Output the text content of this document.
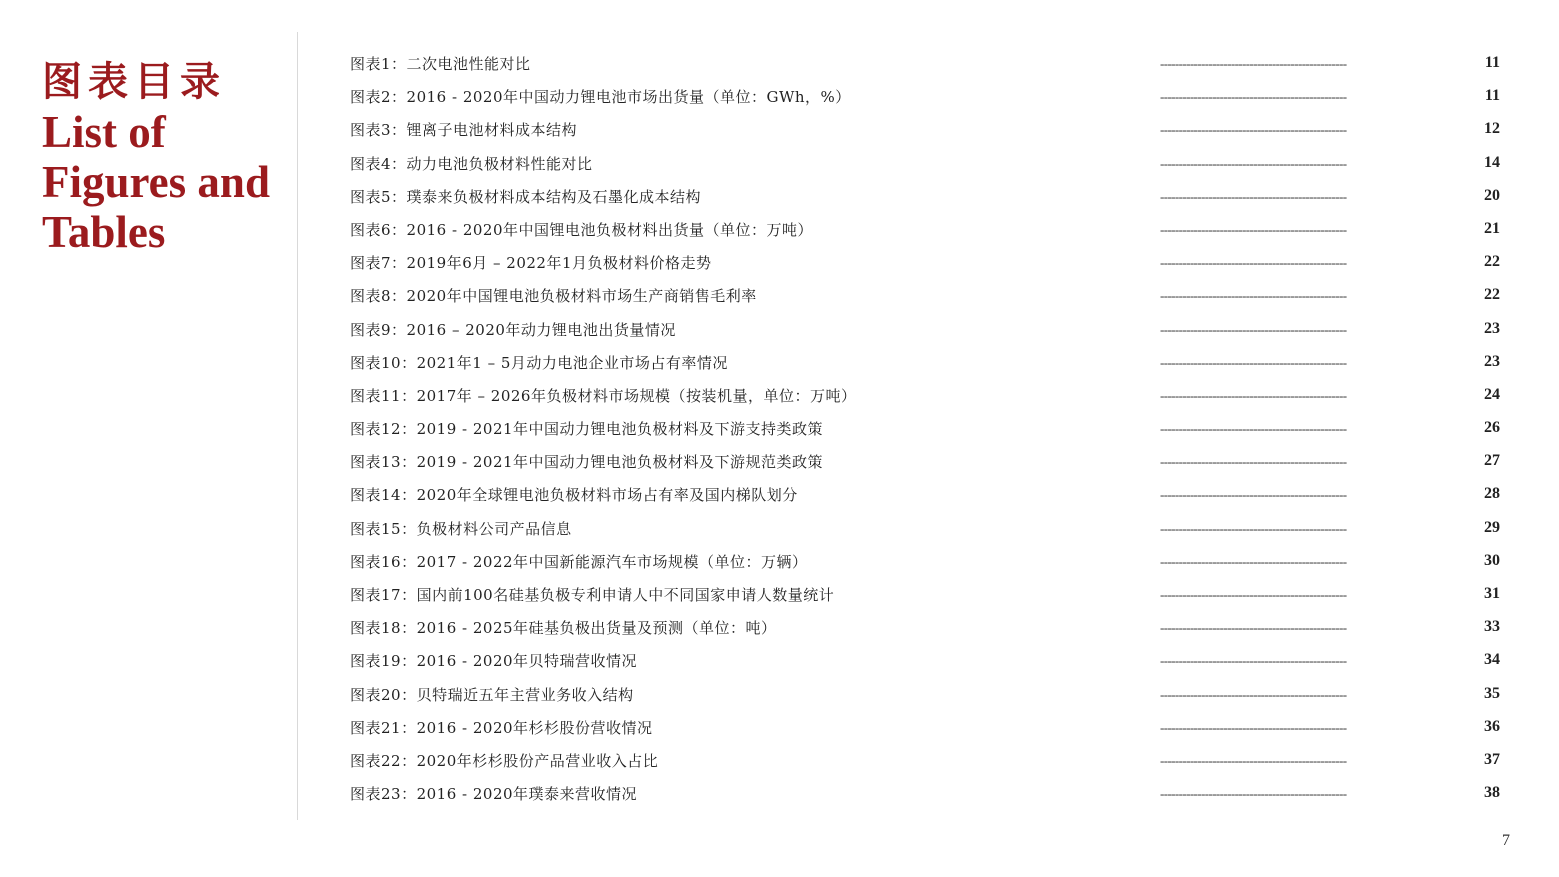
图表目录
List of Figures and Tables
图表1：二次电池性能对比	--------------------------------------------------	11
图表2：2016 - 2020年中国动力锂电池市场出货量（单位：GWh，%）	--------------------------------------------------	11
图表3：锂离子电池材料成本结构	--------------------------------------------------	12
图表4：动力电池负极材料性能对比	--------------------------------------------------	14
图表5：璞泰来负极材料成本结构及石墨化成本结构	--------------------------------------------------	20
图表6：2016 - 2020年中国锂电池负极材料出货量（单位：万吨）	--------------------------------------------------	21
图表7：2019年6月 – 2022年1月负极材料价格走势	--------------------------------------------------	22
图表8：2020年中国锂电池负极材料市场生产商销售毛利率	--------------------------------------------------	22
图表9：2016 – 2020年动力锂电池出货量情况	--------------------------------------------------	23
图表10：2021年1 – 5月动力电池企业市场占有率情况	--------------------------------------------------	23
图表11：2017年 – 2026年负极材料市场规模（按装机量，单位：万吨）	--------------------------------------------------	24
图表12：2019 - 2021年中国动力锂电池负极材料及下游支持类政策	--------------------------------------------------	26
图表13：2019 - 2021年中国动力锂电池负极材料及下游规范类政策	--------------------------------------------------	27
图表14：2020年全球锂电池负极材料市场占有率及国内梯队划分	--------------------------------------------------	28
图表15：负极材料公司产品信息	--------------------------------------------------	29
图表16：2017 - 2022年中国新能源汽车市场规模（单位：万辆）	--------------------------------------------------	30
图表17：国内前100名硅基负极专利申请人中不同国家申请人数量统计	--------------------------------------------------	31
图表18：2016 - 2025年硅基负极出货量及预测（单位：吨）	--------------------------------------------------	33
图表19：2016 - 2020年贝特瑞营收情况	--------------------------------------------------	34
图表20：贝特瑞近五年主营业务收入结构	--------------------------------------------------	35
图表21：2016 - 2020年杉杉股份营收情况	--------------------------------------------------	36
图表22：2020年杉杉股份产品营业收入占比	--------------------------------------------------	37
图表23：2016 - 2020年璞泰来营收情况	--------------------------------------------------	38
7
